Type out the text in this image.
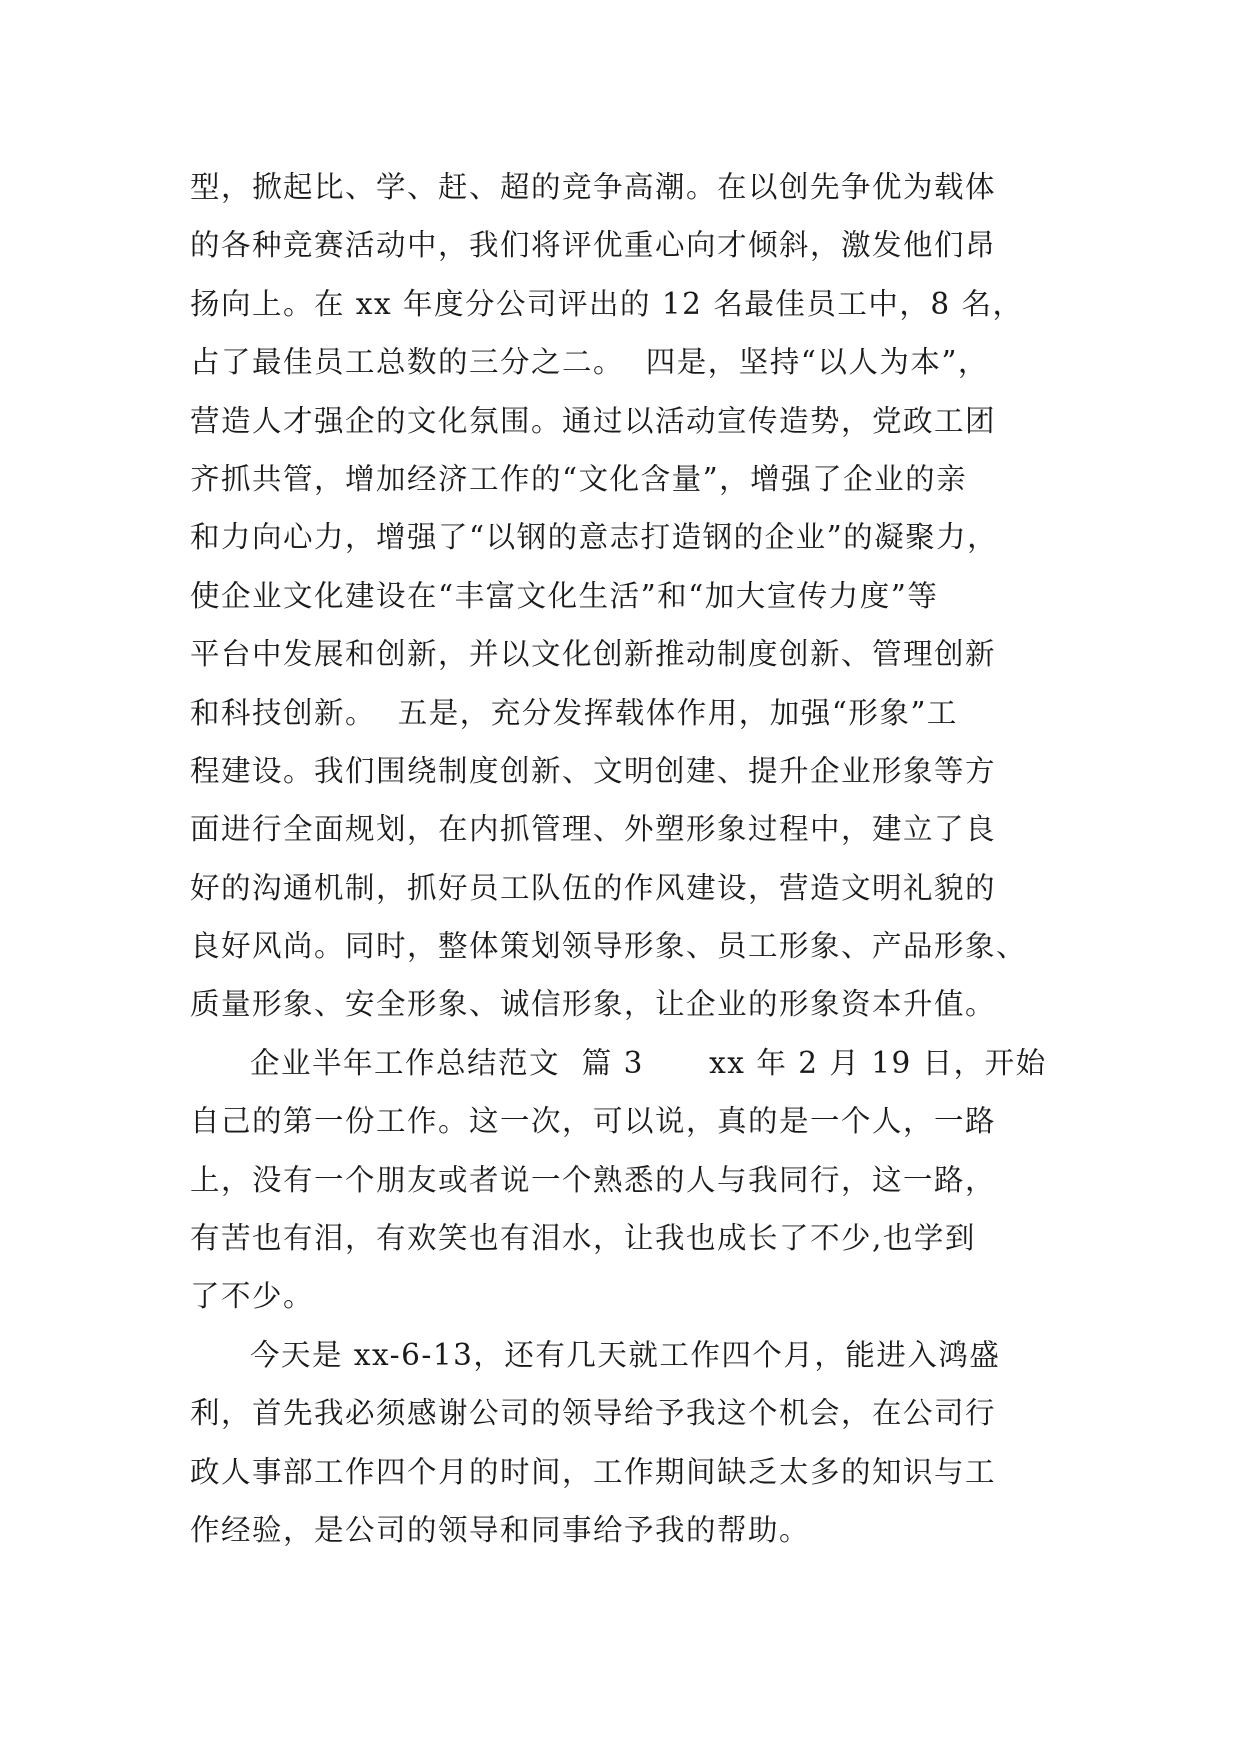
型，掀起比、学、赶、超的竞争高潮。在以创先争优为载体
的各种竞赛活动中，我们将评优重心向才倾斜，激发他们昂
扬向上。在 xx 年度分公司评出的 12 名最佳员工中，8 名，
占了最佳员工总数的三分之二。  四是，坚持“以人为本”，
营造人才强企的文化氛围。通过以活动宣传造势，党政工团
齐抓共管，增加经济工作的“文化含量”，增强了企业的亲
和力向心力，增强了“以钢的意志打造钢的企业”的凝聚力，
使企业文化建设在“丰富文化生活”和“加大宣传力度”等
平台中发展和创新，并以文化创新推动制度创新、管理创新
和科技创新。  五是，充分发挥载体作用，加强“形象”工
程建设。我们围绕制度创新、文明创建、提升企业形象等方
面进行全面规划，在内抓管理、外塑形象过程中，建立了良
好的沟通机制，抓好员工队伍的作风建设，营造文明礼貌的
良好风尚。同时，整体策划领导形象、员工形象、产品形象、
质量形象、安全形象、诚信形象，让企业的形象资本升值。
企业半年工作总结范文  篇 3      xx 年 2 月 19 日，开始
自己的第一份工作。这一次，可以说，真的是一个人，一路
上，没有一个朋友或者说一个熟悉的人与我同行，这一路，
有苦也有泪，有欢笑也有泪水，让我也成长了不少,也学到
了不少。
今天是 xx-6-13，还有几天就工作四个月，能进入鸿盛
利，首先我必须感谢公司的领导给予我这个机会，在公司行
政人事部工作四个月的时间，工作期间缺乏太多的知识与工
作经验，是公司的领导和同事给予我的帮助。
